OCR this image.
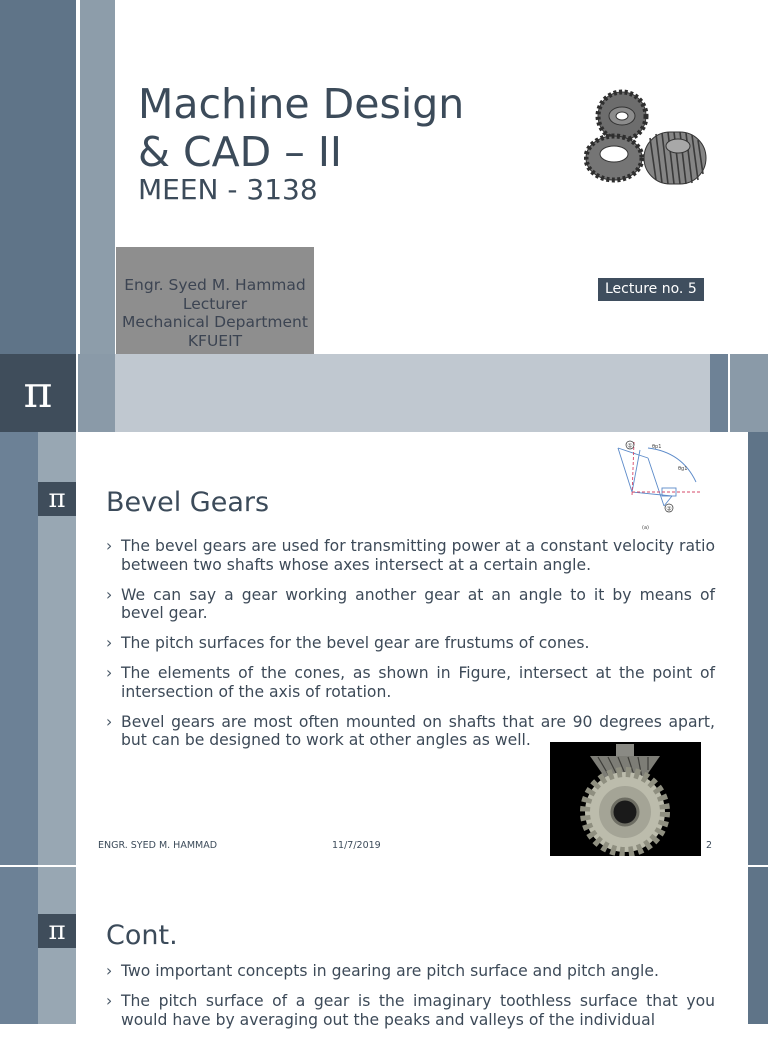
Machine Design
& CAD – II
MEEN - 3138
Engr. Syed M. Hammad
Lecturer
Mechanical Department
KFUEIT
Lecture no. 5
π
π	Bevel Gears
①
②
θp1
θg1
(a)
› The bevel gears are used for transmitting power at a constant velocity ratio between two shafts whose axes intersect at a certain angle.
› We can say a gear working another gear at an angle to it by means of bevel gear.
› The pitch surfaces for the bevel gear are frustums of cones.
› The elements of the cones, as shown in Figure, intersect at the point of intersection of the axis of rotation.
› Bevel gears are most often mounted on shafts that are 90 degrees apart, but can be designed to work at other angles as well.
ENGR. SYED M. HAMMAD	11/7/2019	2
π	Cont.
› Two important concepts in gearing are pitch surface and pitch angle.
› The pitch surface of a gear is the imaginary toothless surface that you would have by averaging out the peaks and valleys of the individual
